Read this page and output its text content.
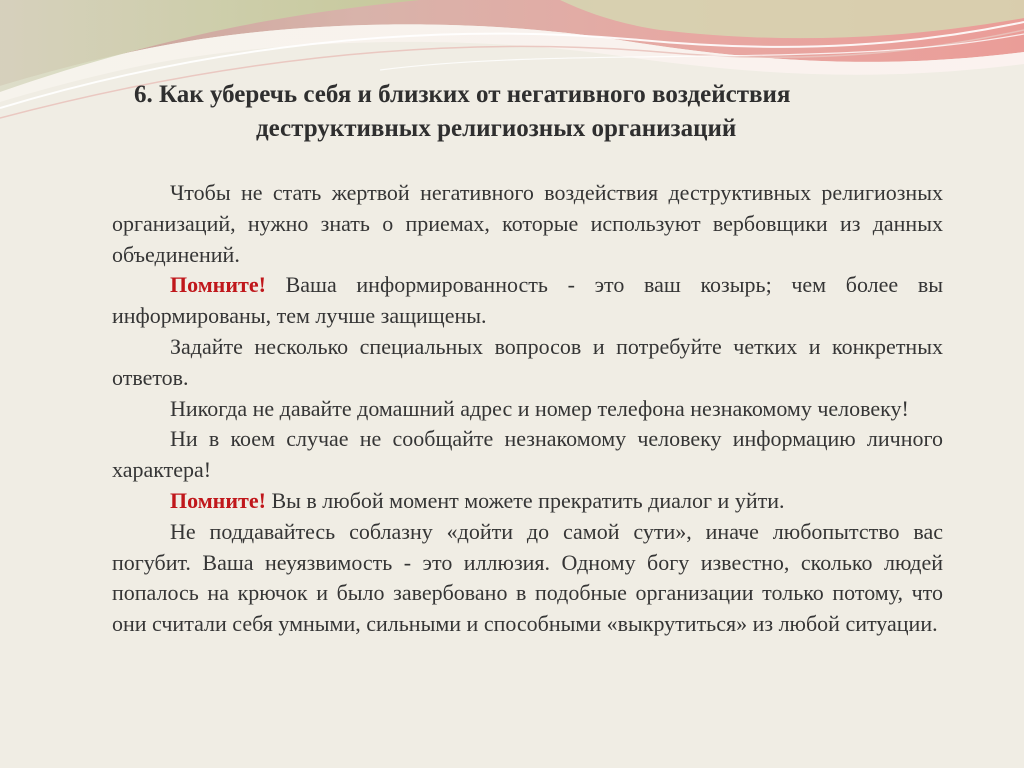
6. Как уберечь себя и близких от негативного воздействия
деструктивных религиозных организаций

Чтобы не стать жертвой негативного воздействия деструктивных религиозных организаций, нужно знать о приемах, которые используют вербовщики из данных объединений.

Помните! Ваша информированность - это ваш козырь; чем более вы информированы, тем лучше защищены.

Задайте несколько специальных вопросов и потребуйте четких и конкретных ответов.

Никогда не давайте домашний адрес и номер телефона незнакомому человеку!

Ни в коем случае не сообщайте незнакомому человеку информацию личного характера!

Помните! Вы в любой момент можете прекратить диалог и уйти.

Не поддавайтесь соблазну «дойти до самой сути», иначе любопытство вас погубит. Ваша неуязвимость - это иллюзия. Одному богу известно, сколько людей попалось на крючок и было завербовано в подобные организации только потому, что они считали себя умными, сильными и способными «выкрутиться» из любой ситуации.
